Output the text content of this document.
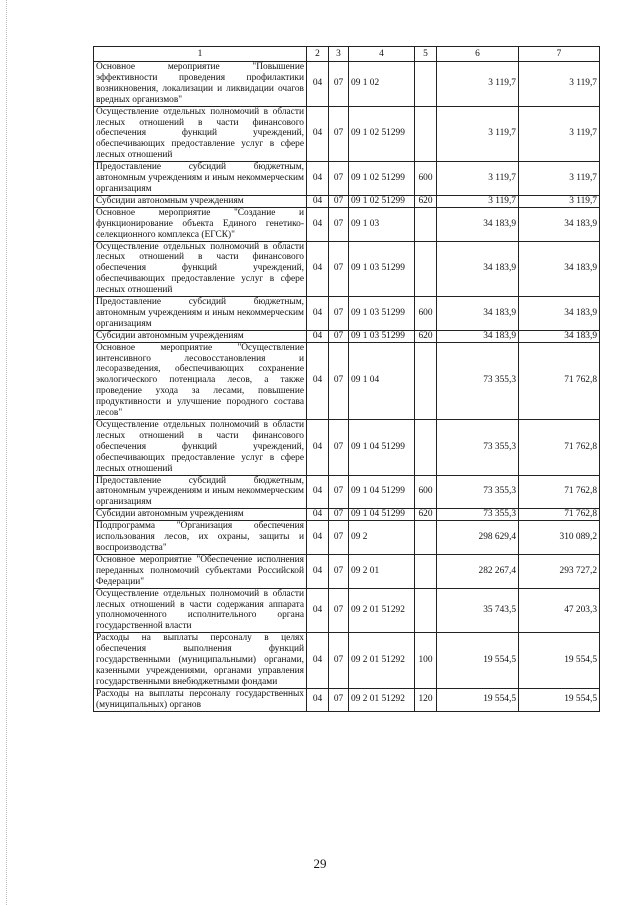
1	2	3	4	5	6	7
Основное мероприятие "Повышение эффективности проведения профилактики возникновения, локализации и ликвидации очагов вредных организмов"	04	07	09 1 02		3 119,7	3 119,7
Осуществление отдельных полномочий в области лесных отношений в части финансового обеспечения функций учреждений, обеспечивающих предоставление услуг в сфере лесных отношений	04	07	09 1 02 51299		3 119,7	3 119,7
Предоставление субсидий бюджетным, автономным учреждениям и иным некоммерческим организациям	04	07	09 1 02 51299	600	3 119,7	3 119,7
Субсидии автономным учреждениям	04	07	09 1 02 51299	620	3 119,7	3 119,7
Основное мероприятие "Создание и функционирование объекта Единого генетико-селекционного комплекса (ЕГСК)"	04	07	09 1 03		34 183,9	34 183,9
Осуществление отдельных полномочий в области лесных отношений в части финансового обеспечения функций учреждений, обеспечивающих предоставление услуг в сфере лесных отношений	04	07	09 1 03 51299		34 183,9	34 183,9
Предоставление субсидий бюджетным, автономным учреждениям и иным некоммерческим организациям	04	07	09 1 03 51299	600	34 183,9	34 183,9
Субсидии автономным учреждениям	04	07	09 1 03 51299	620	34 183,9	34 183,9
Основное мероприятие "Осуществление интенсивного лесовосстановления и лесоразведения, обеспечивающих сохранение экологического потенциала лесов, а также проведение ухода за лесами, повышение продуктивности и улучшение породного состава лесов"	04	07	09 1 04		73 355,3	71 762,8
Осуществление отдельных полномочий в области лесных отношений в части финансового обеспечения функций учреждений, обеспечивающих предоставление услуг в сфере лесных отношений	04	07	09 1 04 51299		73 355,3	71 762,8
Предоставление субсидий бюджетным, автономным учреждениям и иным некоммерческим организациям	04	07	09 1 04 51299	600	73 355,3	71 762,8
Субсидии автономным учреждениям	04	07	09 1 04 51299	620	73 355,3	71 762,8
Подпрограмма "Организация обеспечения использования лесов, их охраны, защиты и воспроизводства"	04	07	09 2		298 629,4	310 089,2
Основное мероприятие "Обеспечение исполнения переданных полномочий субъектами Российской Федерации"	04	07	09 2 01		282 267,4	293 727,2
Осуществление отдельных полномочий в области лесных отношений в части содержания аппарата уполномоченного исполнительного органа государственной власти	04	07	09 2 01 51292		35 743,5	47 203,3
Расходы на выплаты персоналу в целях обеспечения выполнения функций государственными (муниципальными) органами, казенными учреждениями, органами управления государственными внебюджетными фондами	04	07	09 2 01 51292	100	19 554,5	19 554,5
Расходы на выплаты персоналу государственных (муниципальных) органов	04	07	09 2 01 51292	120	19 554,5	19 554,5
29
